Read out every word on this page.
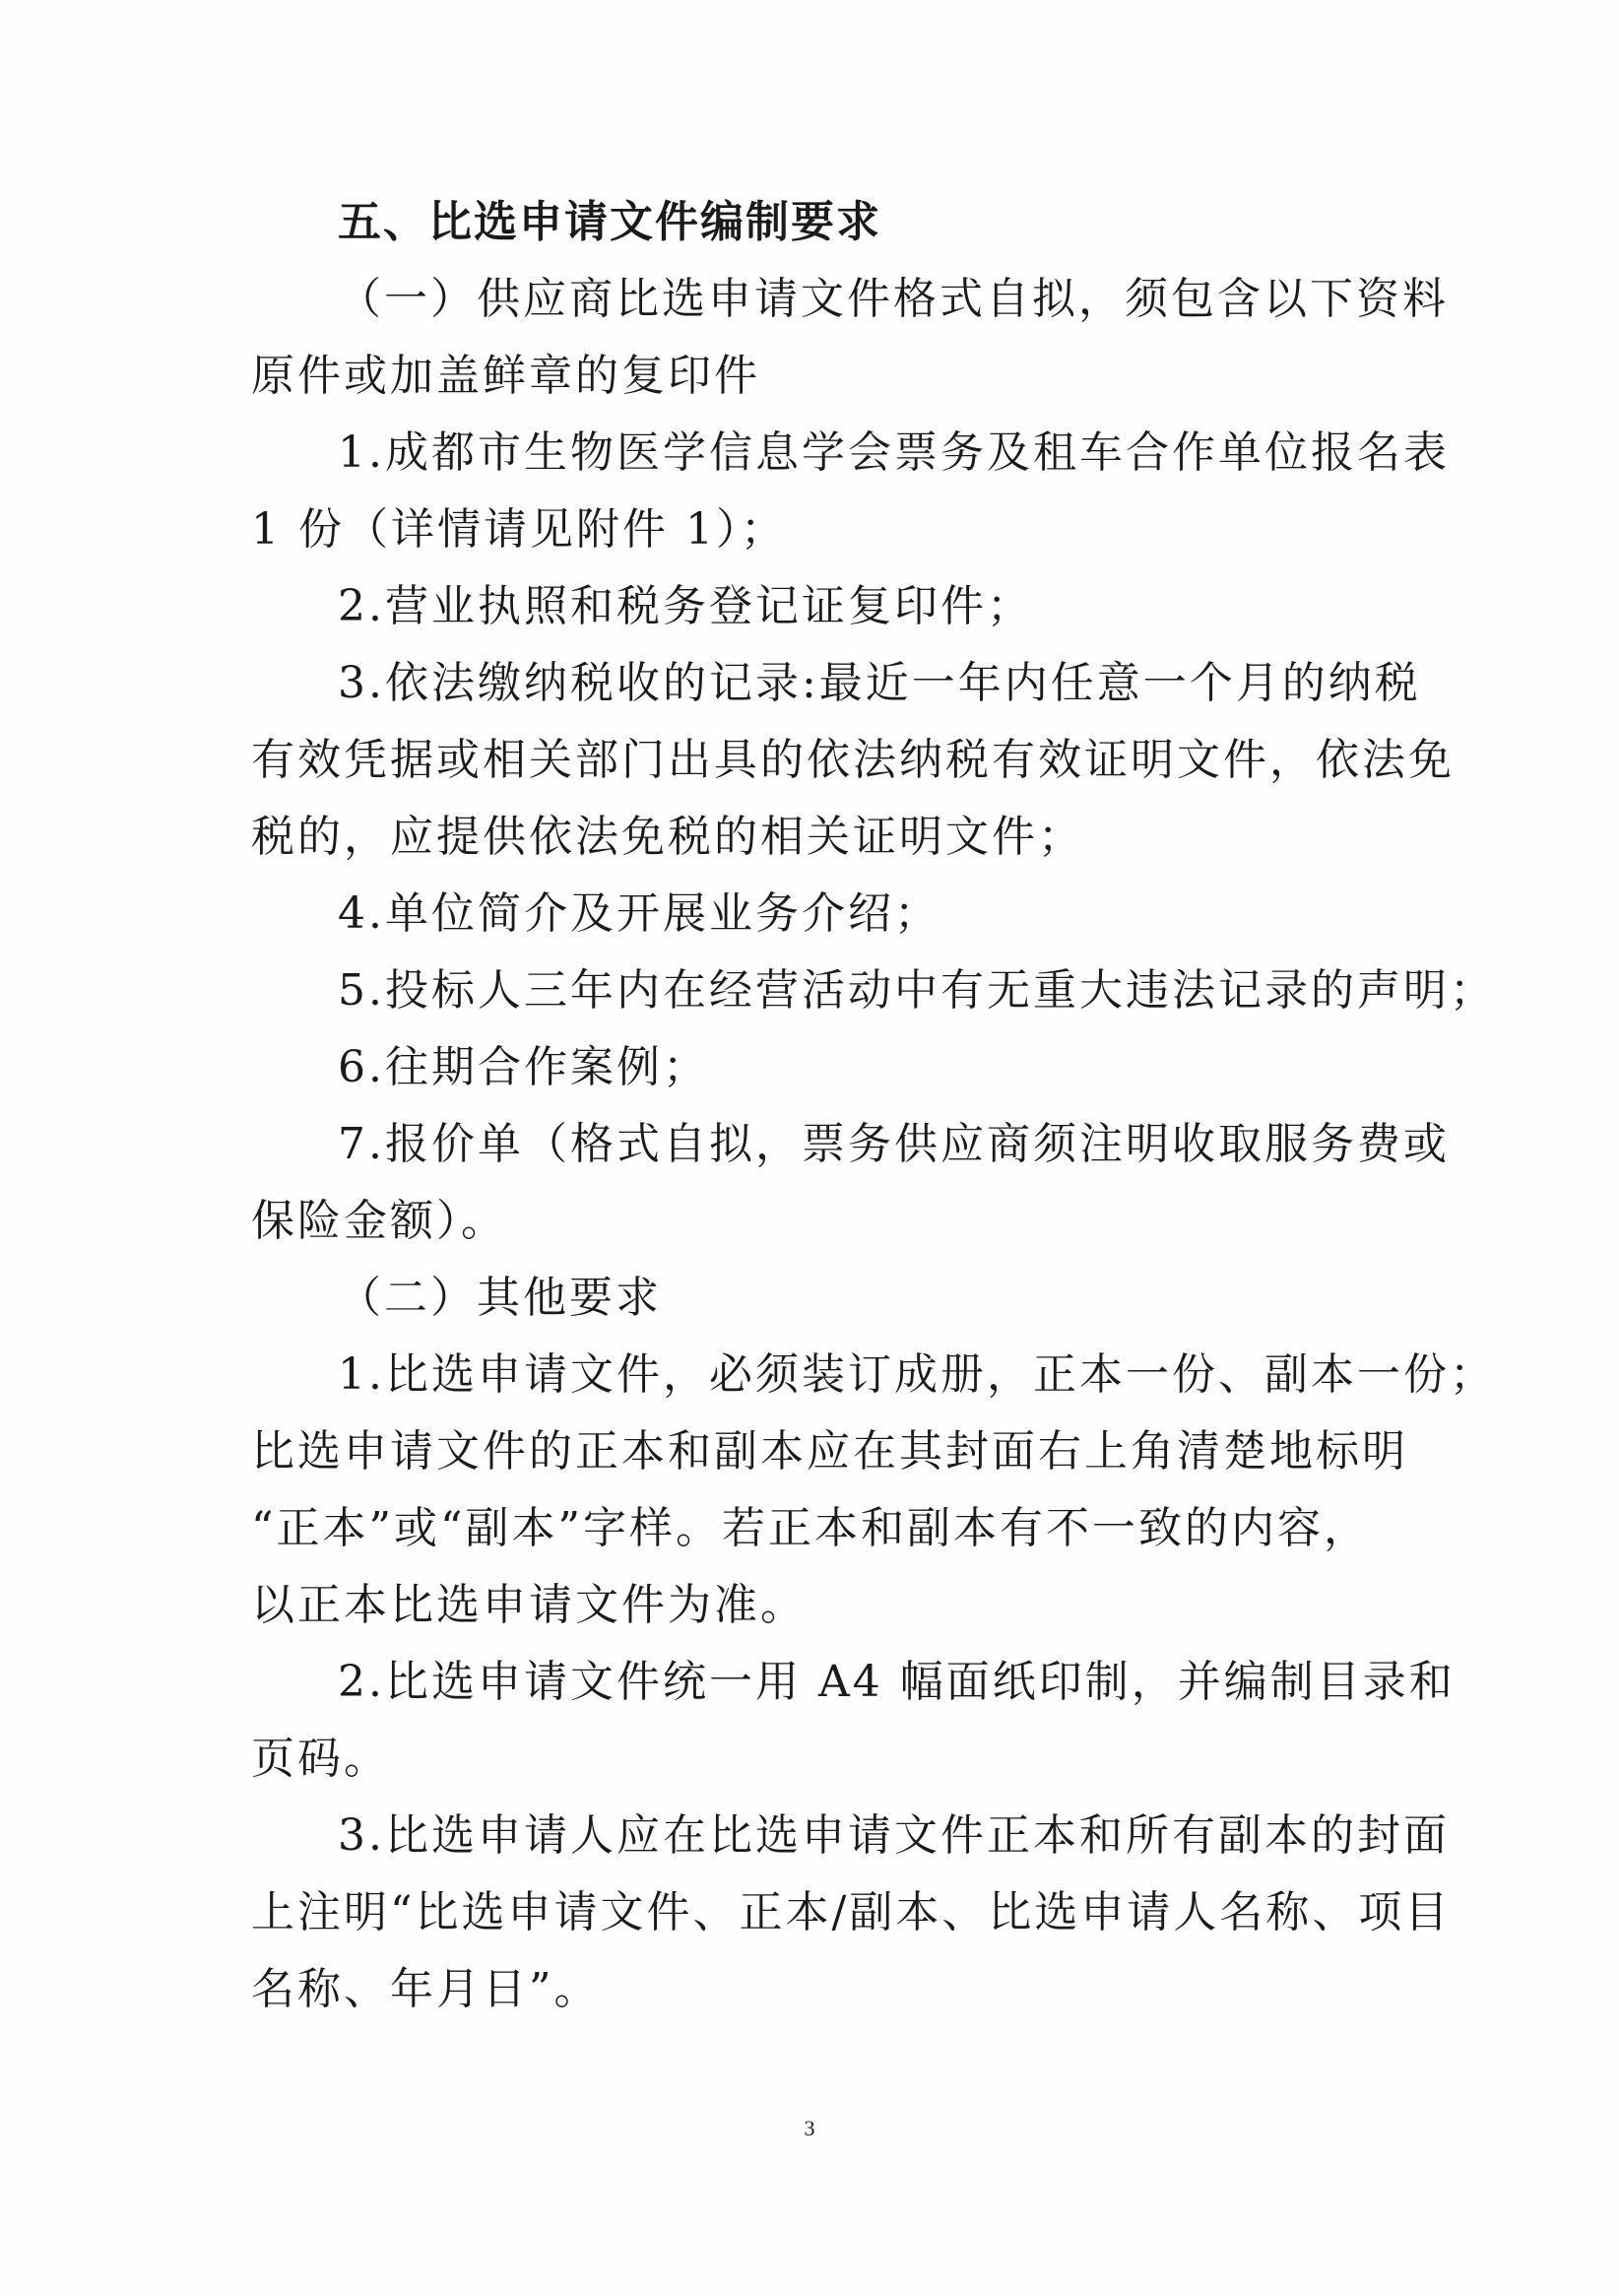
五、比选申请文件编制要求
（一）供应商比选申请文件格式自拟，须包含以下资料
原件或加盖鲜章的复印件
1.成都市生物医学信息学会票务及租车合作单位报名表
1 份（详情请见附件 1）；
2.营业执照和税务登记证复印件；
3.依法缴纳税收的记录:最近一年内任意一个月的纳税
有效凭据或相关部门出具的依法纳税有效证明文件，依法免
税的，应提供依法免税的相关证明文件；
4.单位简介及开展业务介绍；
5.投标人三年内在经营活动中有无重大违法记录的声明；
6.往期合作案例；
7.报价单（格式自拟，票务供应商须注明收取服务费或
保险金额）。
（二）其他要求
1.比选申请文件，必须装订成册，正本一份、副本一份；
比选申请文件的正本和副本应在其封面右上角清楚地标明
“正本”或“副本”字样。若正本和副本有不一致的内容，
以正本比选申请文件为准。
2.比选申请文件统一用 A4 幅面纸印制，并编制目录和
页码。
3.比选申请人应在比选申请文件正本和所有副本的封面
上注明“比选申请文件、正本/副本、比选申请人名称、项目
名称、年月日”。
3
